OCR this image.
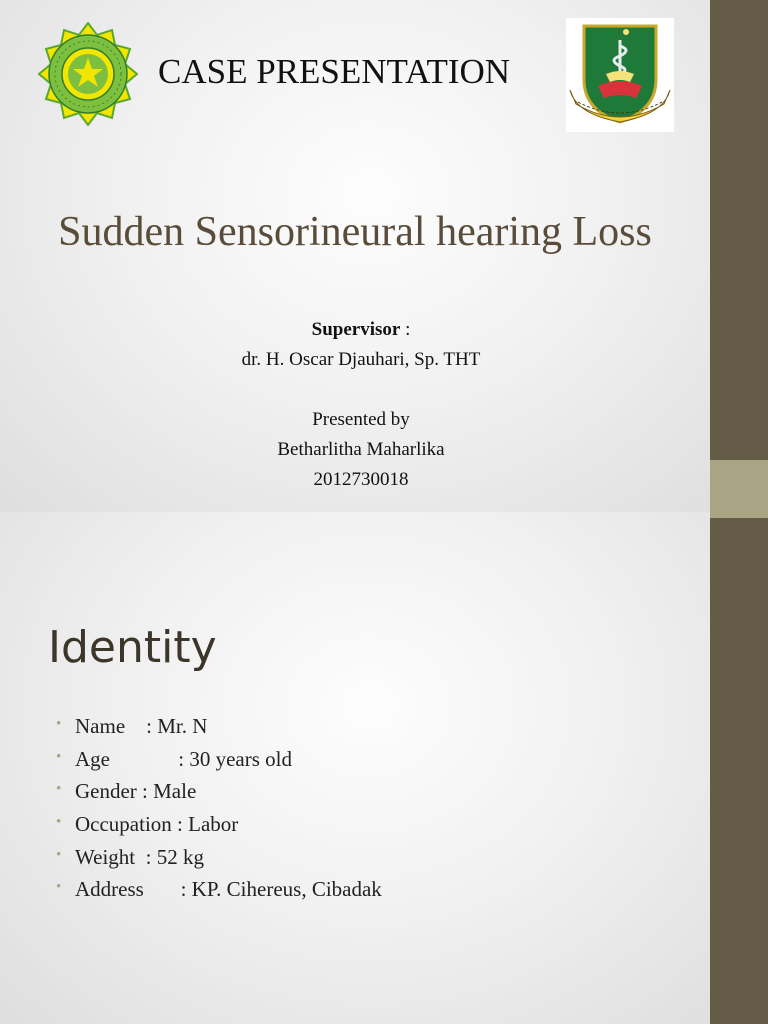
CASE PRESENTATION
Sudden Sensorineural hearing Loss
Supervisor :
dr. H. Oscar Djauhari, Sp. THT
Presented by
Betharlitha Maharlika
2012730018
Identity
• Name    : Mr. N
• Age             : 30 years old
• Gender : Male
• Occupation : Labor
• Weight  : 52 kg
• Address       : KP. Cihereus, Cibadak
